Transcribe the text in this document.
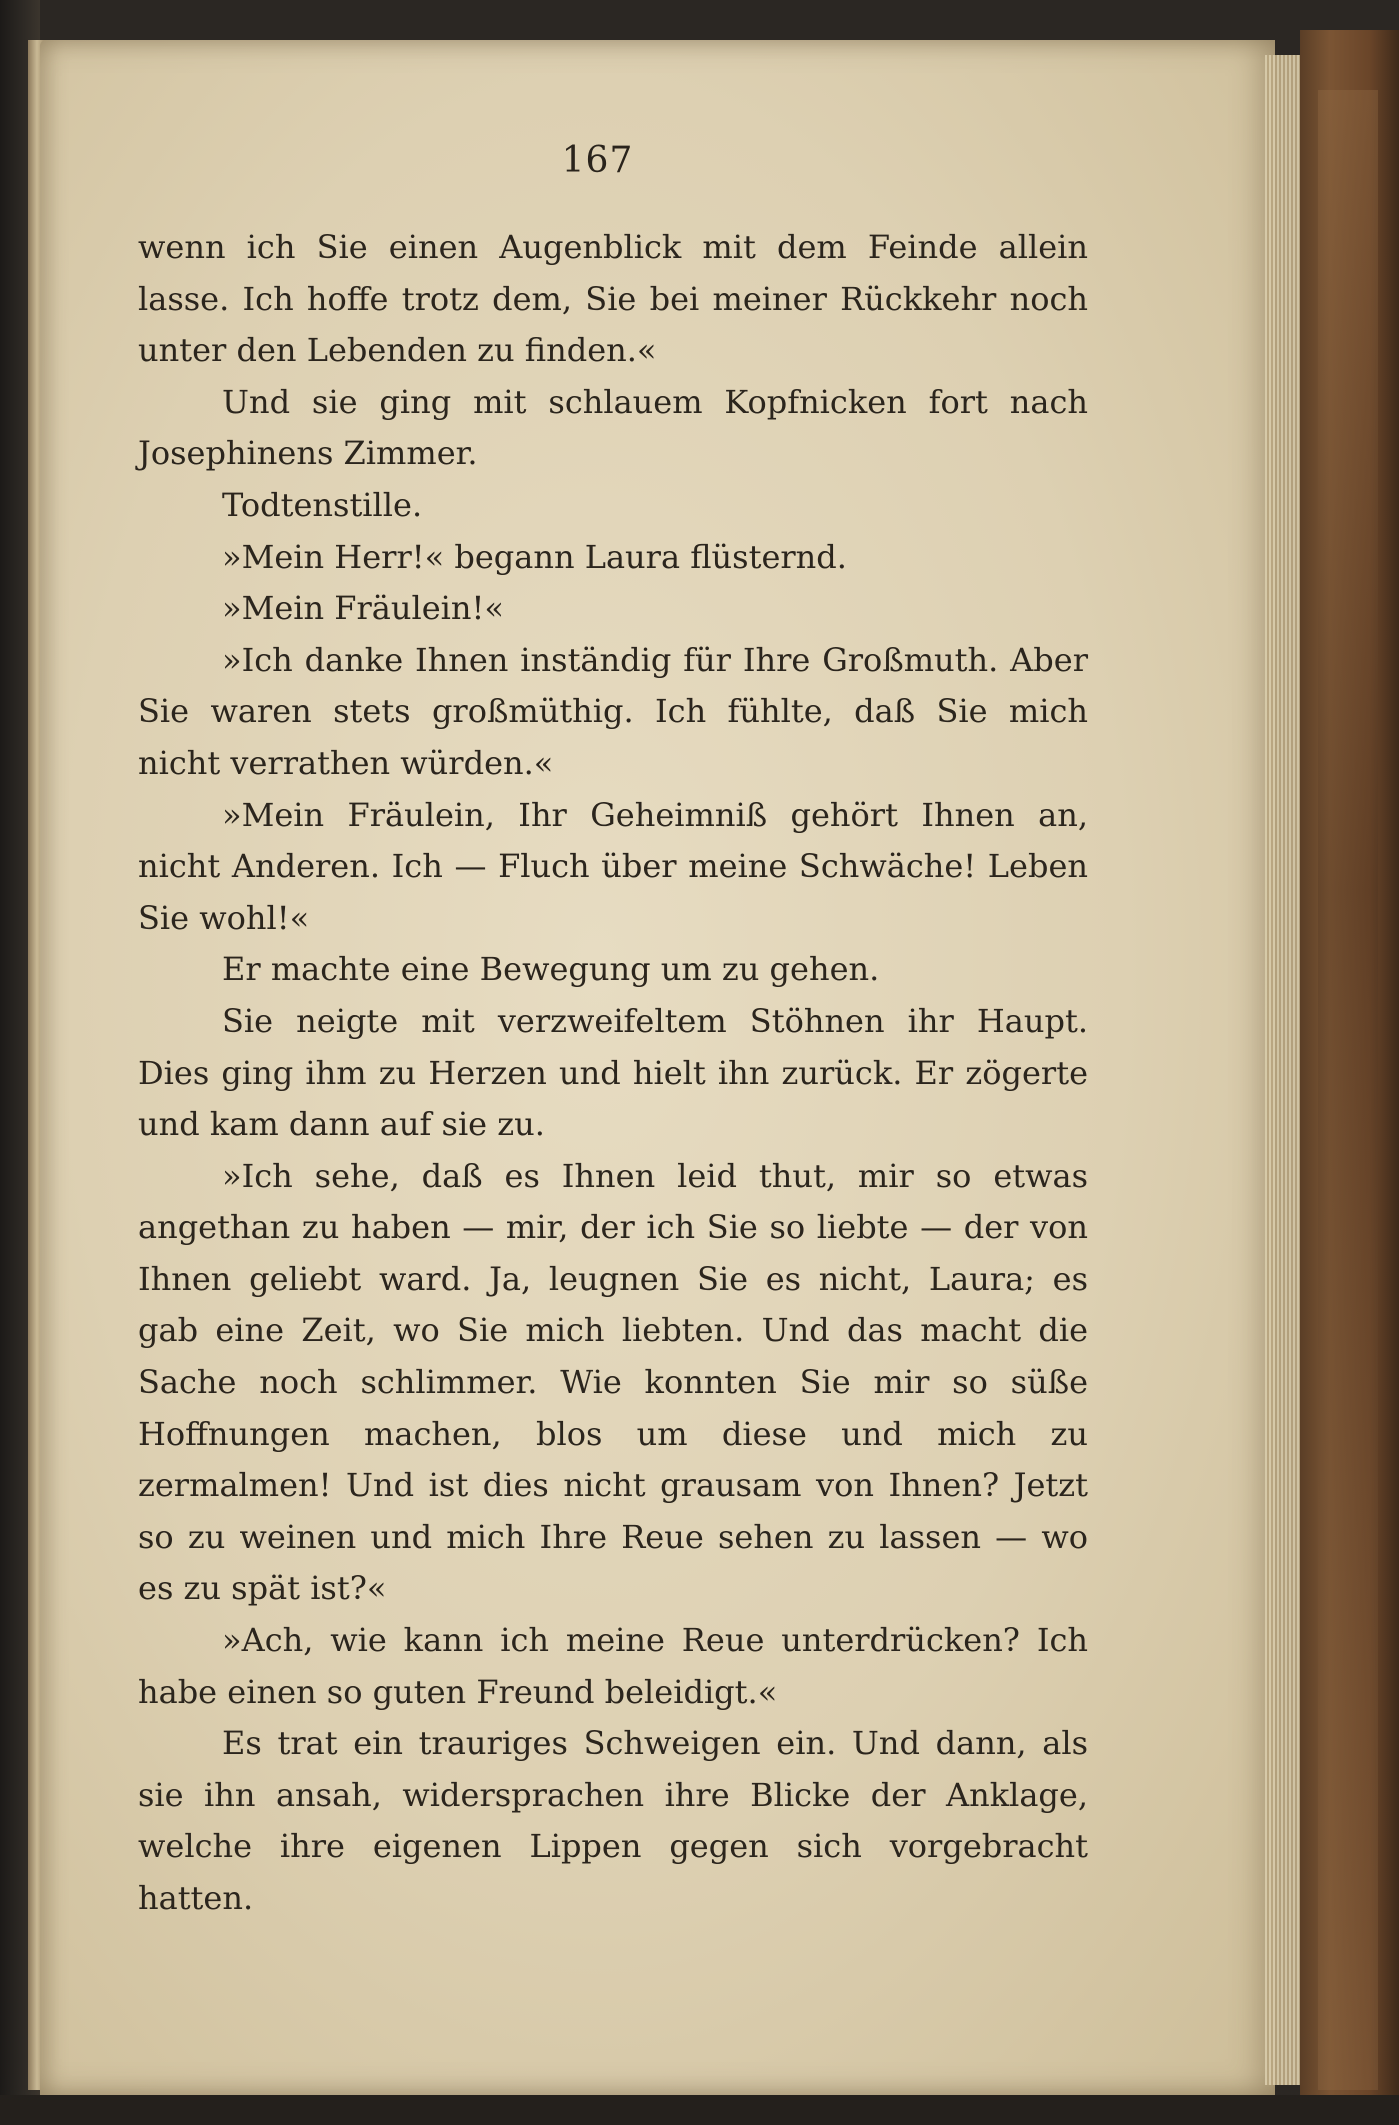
167

wenn ich Sie einen Augenblick mit dem Feinde allein lasse. Ich hoffe trotz dem, Sie bei meiner Rückkehr noch unter den Lebenden zu finden.«

Und sie ging mit schlauem Kopfnicken fort nach Josephinens Zimmer.

Todtenstille.

»Mein Herr!« begann Laura flüsternd.

»Mein Fräulein!«

»Ich danke Ihnen inständig für Ihre Großmuth. Aber Sie waren stets großmüthig. Ich fühlte, daß Sie mich nicht verrathen würden.«

»Mein Fräulein, Ihr Geheimniß gehört Ihnen an, nicht Anderen. Ich — Fluch über meine Schwäche! Leben Sie wohl!«

Er machte eine Bewegung um zu gehen.

Sie neigte mit verzweifeltem Stöhnen ihr Haupt. Dies ging ihm zu Herzen und hielt ihn zurück. Er zögerte und kam dann auf sie zu.

»Ich sehe, daß es Ihnen leid thut, mir so etwas angethan zu haben — mir, der ich Sie so liebte — der von Ihnen geliebt ward. Ja, leugnen Sie es nicht, Laura; es gab eine Zeit, wo Sie mich liebten. Und das macht die Sache noch schlimmer. Wie konnten Sie mir so süße Hoffnungen machen, blos um diese und mich zu zermalmen! Und ist dies nicht grausam von Ihnen? Jetzt so zu weinen und mich Ihre Reue sehen zu lassen — wo es zu spät ist?«

»Ach, wie kann ich meine Reue unterdrücken? Ich habe einen so guten Freund beleidigt.«

Es trat ein trauriges Schweigen ein. Und dann, als sie ihn ansah, widersprachen ihre Blicke der Anklage, welche ihre eigenen Lippen gegen sich vorgebracht hatten.
